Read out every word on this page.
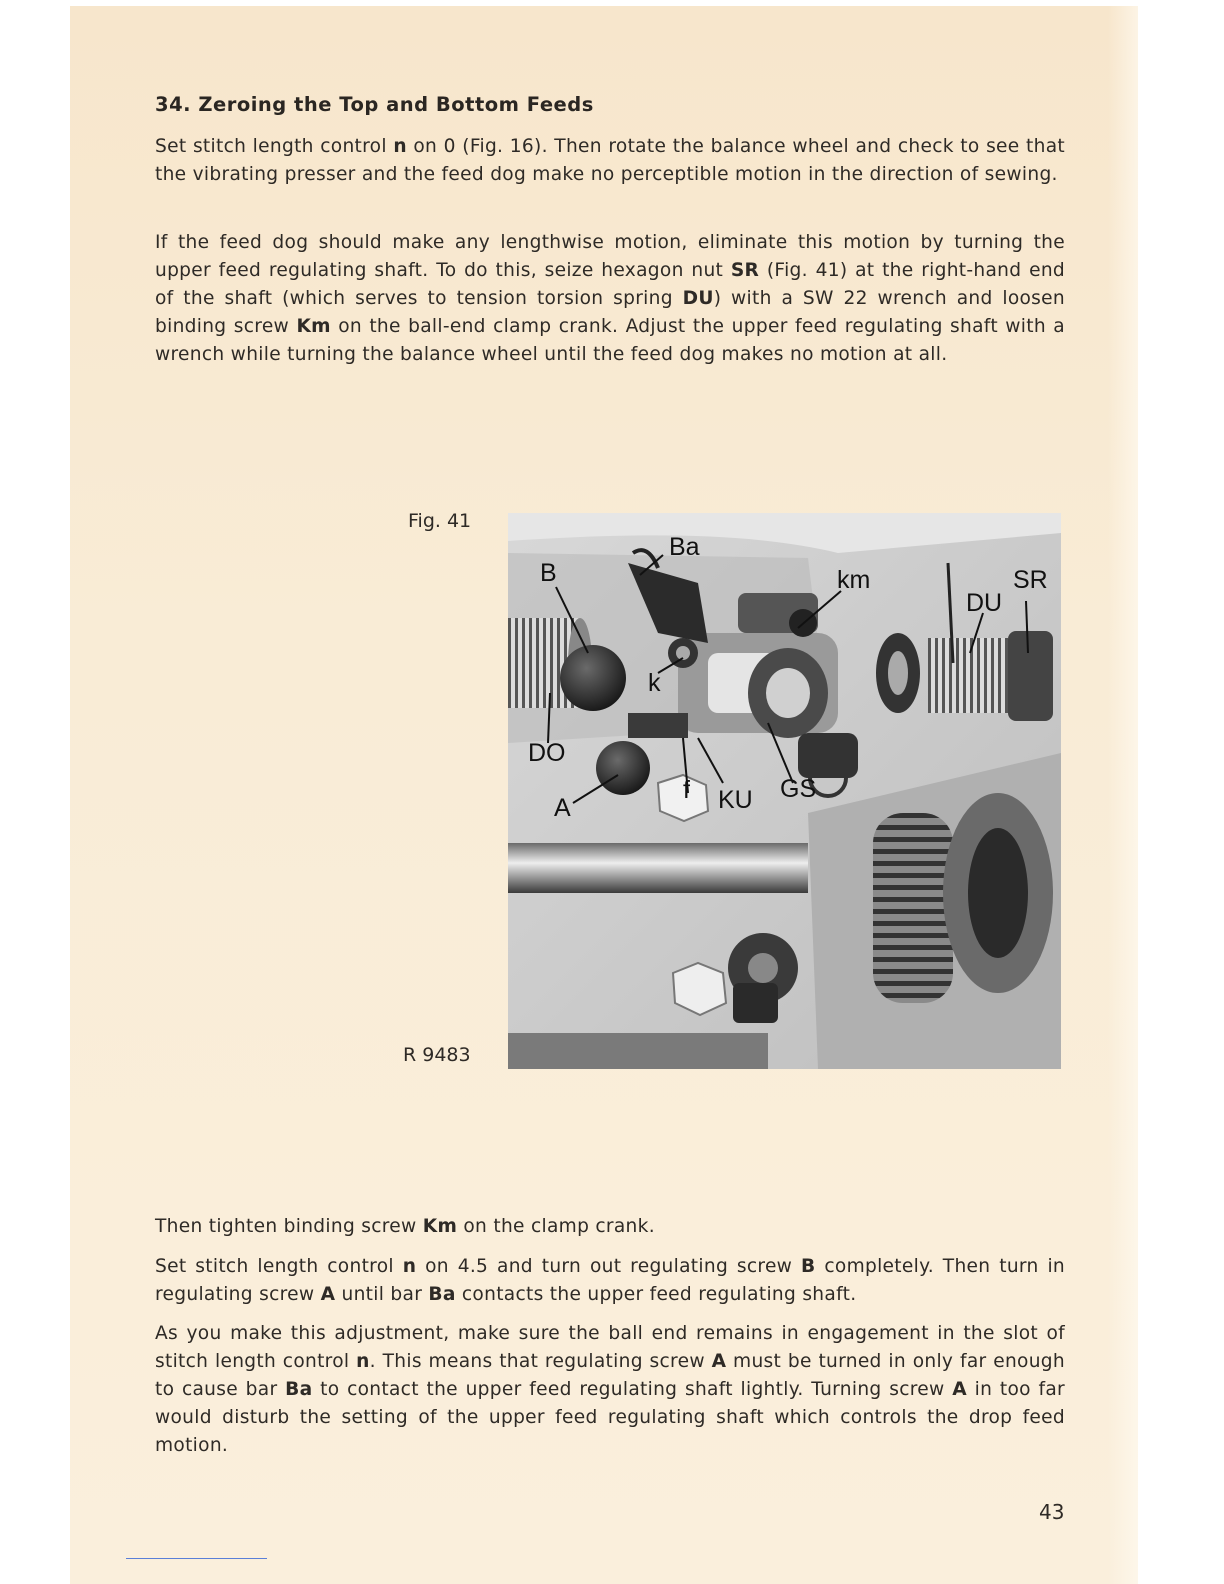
34. Zeroing the Top and Bottom Feeds

Set stitch length control n on 0 (Fig. 16). Then rotate the balance wheel and check to see that the vibrating presser and the feed dog make no perceptible motion in the direction of sewing.

If the feed dog should make any lengthwise motion, eliminate this motion by turning the upper feed regulating shaft. To do this, seize hexagon nut SR (Fig. 41) at the right-hand end of the shaft (which serves to tension torsion spring DU) with a SW 22 wrench and loosen binding screw Km on the ball-end clamp crank. Adjust the upper feed regulating shaft with a wrench while turning the balance wheel until the feed dog makes no motion at all.

Fig. 41
R 9483
Ba
B	km	SR
DU
k
DO
A
f KU GS

Then tighten binding screw Km on the clamp crank.

Set stitch length control n on 4.5 and turn out regulating screw B completely. Then turn in regulating screw A until bar Ba contacts the upper feed regulating shaft.

As you make this adjustment, make sure the ball end remains in engagement in the slot of stitch length control n. This means that regulating screw A must be turned in only far enough to cause bar Ba to contact the upper feed regulating shaft lightly. Turning screw A in too far would disturb the setting of the upper feed regulating shaft which controls the drop feed motion.

43
